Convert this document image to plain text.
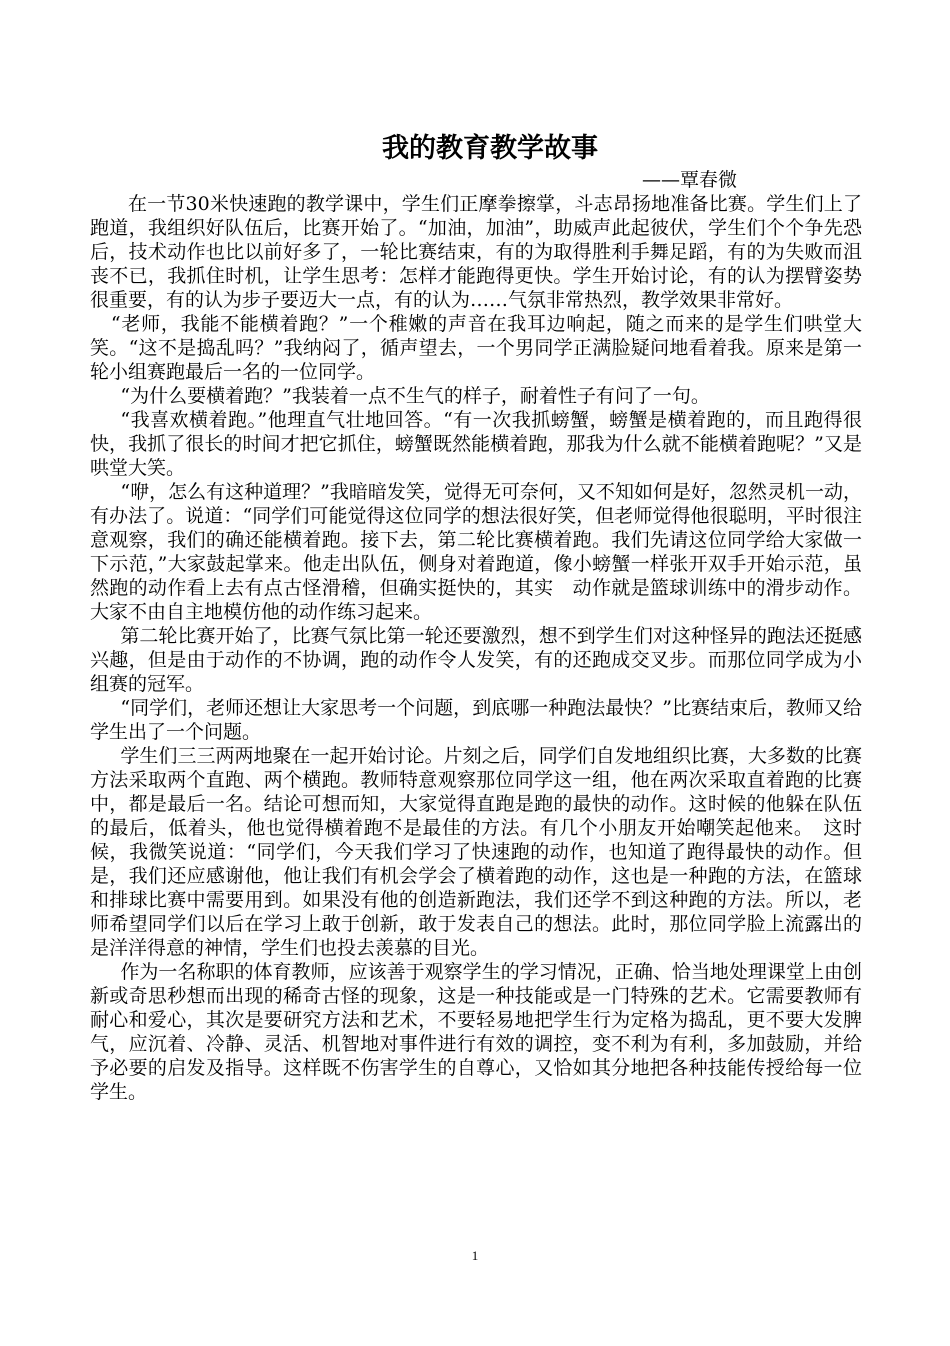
我的教育教学故事

——覃春微

在一节30米快速跑的教学课中，学生们正摩拳擦掌，斗志昂扬地准备比赛。学生们上了跑道，我组织好队伍后，比赛开始了。“加油，加油”，助威声此起彼伏，学生们个个争先恐后，技术动作也比以前好多了，一轮比赛结束，有的为取得胜利手舞足蹈，有的为失败而沮丧不已，我抓住时机，让学生思考：怎样才能跑得更快。学生开始讨论，有的认为摆臂姿势很重要，有的认为步子要迈大一点，有的认为……气氛非常热烈，教学效果非常好。

“老师，我能不能横着跑？”一个稚嫩的声音在我耳边响起，随之而来的是学生们哄堂大笑。“这不是捣乱吗？”我纳闷了，循声望去，一个男同学正满脸疑问地看着我。原来是第一轮小组赛跑最后一名的一位同学。

“为什么要横着跑？”我装着一点不生气的样子，耐着性子有问了一句。

“我喜欢横着跑。”他理直气壮地回答。“有一次我抓螃蟹，螃蟹是横着跑的，而且跑得很快，我抓了很长的时间才把它抓住，螃蟹既然能横着跑，那我为什么就不能横着跑呢？”又是哄堂大笑。

“咿，怎么有这种道理？”我暗暗发笑，觉得无可奈何，又不知如何是好，忽然灵机一动，有办法了。说道：“同学们可能觉得这位同学的想法很好笑，但老师觉得他很聪明，平时很注意观察，我们的确还能横着跑。接下去，第二轮比赛横着跑。我们先请这位同学给大家做一下示范，”大家鼓起掌来。他走出队伍，侧身对着跑道，像小螃蟹一样张开双手开始示范，虽然跑的动作看上去有点古怪滑稽，但确实挺快的，其实　动作就是篮球训练中的滑步动作。大家不由自主地模仿他的动作练习起来。

第二轮比赛开始了，比赛气氛比第一轮还要激烈，想不到学生们对这种怪异的跑法还挺感兴趣，但是由于动作的不协调，跑的动作令人发笑，有的还跑成交叉步。而那位同学成为小组赛的冠军。

“同学们，老师还想让大家思考一个问题，到底哪一种跑法最快？”比赛结束后，教师又给学生出了一个问题。

学生们三三两两地聚在一起开始讨论。片刻之后，同学们自发地组织比赛，大多数的比赛方法采取两个直跑、两个横跑。教师特意观察那位同学这一组，他在两次采取直着跑的比赛中，都是最后一名。结论可想而知，大家觉得直跑是跑的最快的动作。这时候的他躲在队伍的最后，低着头，他也觉得横着跑不是最佳的方法。有几个小朋友开始嘲笑起他来。　这时候，我微笑说道：“同学们，今天我们学习了快速跑的动作，也知道了跑得最快的动作。但是，我们还应感谢他，他让我们有机会学会了横着跑的动作，这也是一种跑的方法，在篮球和排球比赛中需要用到。如果没有他的创造新跑法，我们还学不到这种跑的方法。所以，老师希望同学们以后在学习上敢于创新，敢于发表自己的想法。此时，那位同学脸上流露出的是洋洋得意的神情，学生们也投去羡慕的目光。

作为一名称职的体育教师，应该善于观察学生的学习情况，正确、恰当地处理课堂上由创新或奇思秒想而出现的稀奇古怪的现象，这是一种技能或是一门特殊的艺术。它需要教师有耐心和爱心，其次是要研究方法和艺术，不要轻易地把学生行为定格为捣乱，更不要大发脾气，应沉着、冷静、灵活、机智地对事件进行有效的调控，变不利为有利，多加鼓励，并给予必要的启发及指导。这样既不伤害学生的自尊心，又恰如其分地把各种技能传授给每一位学生。

1
